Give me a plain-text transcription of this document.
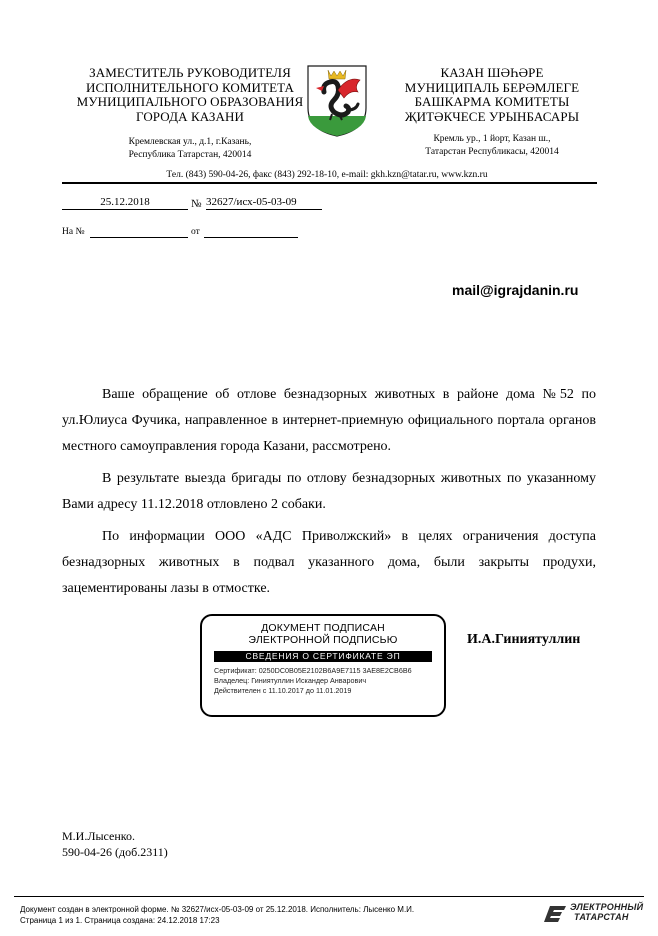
ЗАМЕСТИТЕЛЬ РУКОВОДИТЕЛЯ
ИСПОЛНИТЕЛЬНОГО КОМИТЕТА
МУНИЦИПАЛЬНОГО ОБРАЗОВАНИЯ
ГОРОДА КАЗАНИ
Кремлевская ул., д.1, г.Казань,
Республика Татарстан, 420014
КАЗАН ШӘҺӘРЕ
МУНИЦИПАЛЬ БЕРӘМЛЕГЕ
БАШКАРМА КОМИТЕТЫ
ҖИТӘКЧЕСЕ УРЫНБАСАРЫ
Кремль ур., 1 йорт, Казан ш.,
Татарстан Республикасы, 420014
Тел. (843) 590-04-26, факс (843) 292-18-10, e-mail: gkh.kzn@tatar.ru, www.kzn.ru
25.12.2018	№ 32627/исх-05-03-09
На №	от
mail@igrajdanin.ru

Ваше обращение об отлове безнадзорных животных в районе дома №52 по ул.Юлиуса Фучика, направленное в интернет-приемную официального портала органов местного самоуправления города Казани, рассмотрено.

В результате выезда бригады по отлову безнадзорных животных по указанному Вами адресу 11.12.2018 отловлено 2 собаки.

По информации ООО «АДС Приволжский» в целях ограничения доступа безнадзорных животных в подвал указанного дома, были закрыты продухи, зацементированы лазы в отмостке.

ДОКУМЕНТ ПОДПИСАН
ЭЛЕКТРОННОЙ ПОДПИСЬЮ
СВЕДЕНИЯ О СЕРТИФИКАТЕ ЭП
Сертификат: 0250DC0B05E2102B6A9E7115 3AE8E2CB6B6
Владелец: Гиниятуллин Искандер Анварович
Действителен с 11.10.2017 до 11.01.2019
И.А.Гиниятуллин
М.И.Лысенко.
590-04-26 (доб.2311)
Документ создан в электронной форме. № 32627/исх-05-03-09 от 25.12.2018. Исполнитель: Лысенко М.И.
Страница 1 из 1. Страница создана: 24.12.2018 17:23
ЭЛЕКТРОННЫЙ
ТАТАРСТАН
